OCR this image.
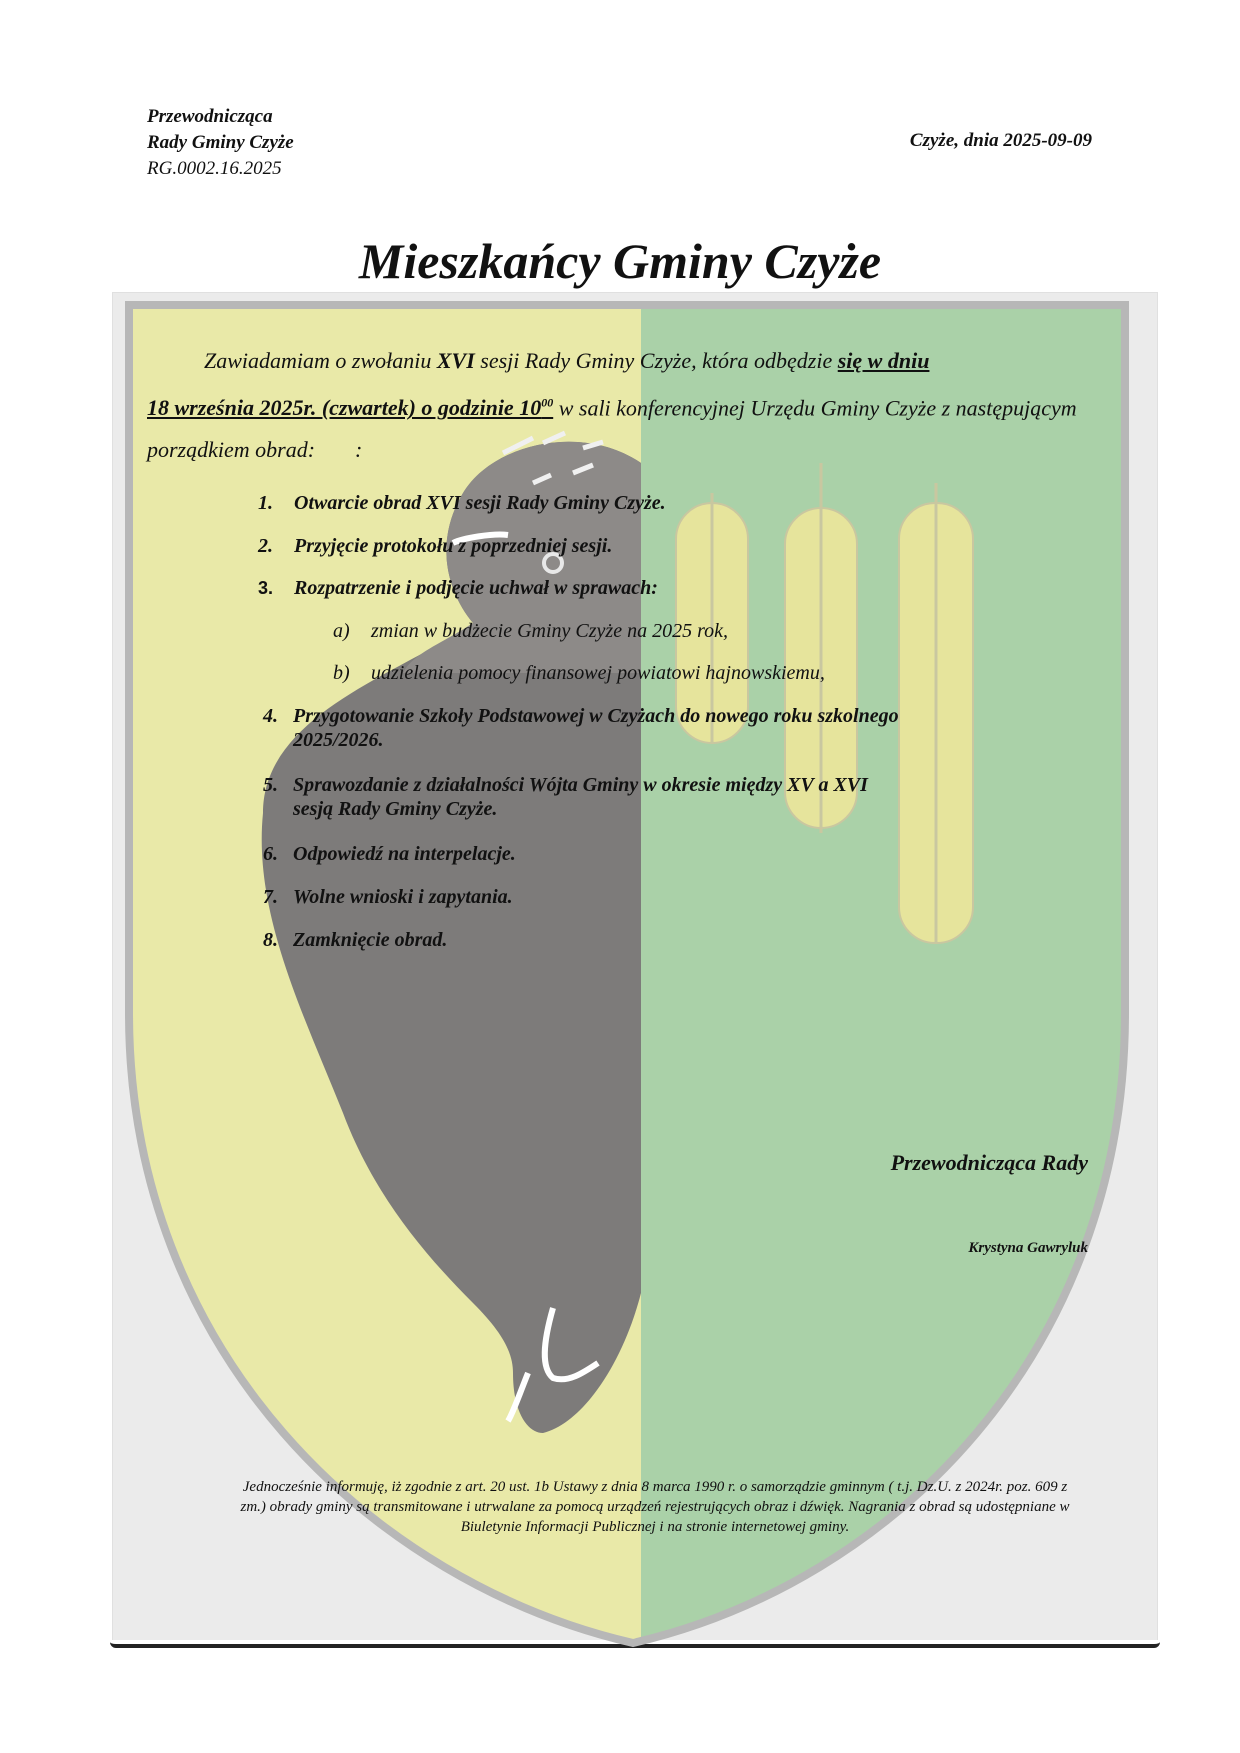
Przewodnicząca
Rady Gminy Czyże
RG.0002.16.2025
Czyże, dnia 2025-09-09
Mieszkańcy Gminy Czyże
Zawiadamiam o zwołaniu XVI sesji Rady Gminy Czyże, która odbędzie się w dniu
18 września 2025r. (czwartek) o godzinie $10^{00}$ w sali konferencyjnej Urzędu Gminy Czyże z następującym porządkiem obrad: :
1. Otwarcie obrad XVI sesji Rady Gminy Czyże.
2. Przyjęcie protokołu z poprzedniej sesji.
3. Rozpatrzenie i podjęcie uchwał w sprawach:
a) zmian w budżecie Gminy Czyże na 2025 rok,
b) udzielenia pomocy finansowej powiatowi hajnowskiemu,
4. Przygotowanie Szkoły Podstawowej w Czyżach do nowego roku szkolnego
2025/2026.
5. Sprawozdanie z działalności Wójta Gminy w okresie między XV a XVI
sesją Rady Gminy Czyże.
6. Odpowiedź na interpelacje.
7. Wolne wnioski i zapytania.
8. Zamknięcie obrad.
Przewodnicząca Rady
Krystyna Gawryluk
Jednocześnie informuję, iż zgodnie z art. 20 ust. 1b Ustawy z dnia 8 marca 1990 r. o samorządzie gminnym ( t.j. Dz.U. z 2024r. poz. 609 z zm.) obrady gminy są transmitowane i utrwalane za pomocą urządzeń rejestrujących obraz i dźwięk. Nagrania z obrad są udostępniane w Biuletynie Informacji Publicznej i na stronie internetowej gminy.
